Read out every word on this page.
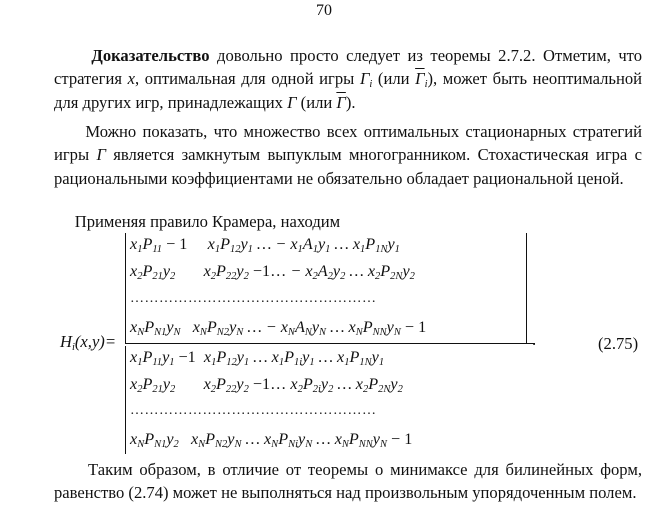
70

Доказательство довольно просто следует из теоремы 2.7.2. Отметим, что стратегия x, оптимальная для одной игры $\Gamma_i$ (или $\overline{\Gamma}_i$), может быть неоптимальной для других игр, принадлежащих Γ (или $\overline{\Gamma}$).

Можно показать, что множество всех оптимальных стационарных стратегий игры Γ является замкнутым выпуклым многогранником. Стохастическая игра с рациональными коэффициентами не обязательно обладает рациональной ценой.

Применяя правило Крамера, находим

$H_i(x,y)=$
$x_1P_{11} - 1$     $x_1P_{12}y_1$ … − $x_1A_1y_1$ … $x_1P_{1N}y_1$
$x_2P_{21}y_2$       $x_2P_{22}y_2$ −1… − $x_2A_2y_2$ … $x_2P_{2N}y_2$
……………………………………………
$x_NP_{N1}y_N$   $x_NP_{N2}y_N$ … − $x_NA_Ny_N$ … $x_NP_{NN}y_N - 1$
$x_1P_{11}y_1 -1$  $x_1P_{12}y_1$ … $x_1P_{1i}y_1$ … $x_1P_{1N}y_1$
$x_2P_{21}y_2$       $x_2P_{22}y_2$ −1… $x_2P_{2i}y_2$ … $x_2P_{2N}y_2$
……………………………………………
$x_NP_{N1}y_2$   $x_NP_{N2}y_N$ … $x_NP_{Ni}y_N$ … $x_NP_{NN}y_N - 1$
.	(2.75)

Таким образом, в отличие от теоремы о минимаксе для билинейных форм, равенство (2.74) может не выполняться над произвольным упорядоченным полем.
